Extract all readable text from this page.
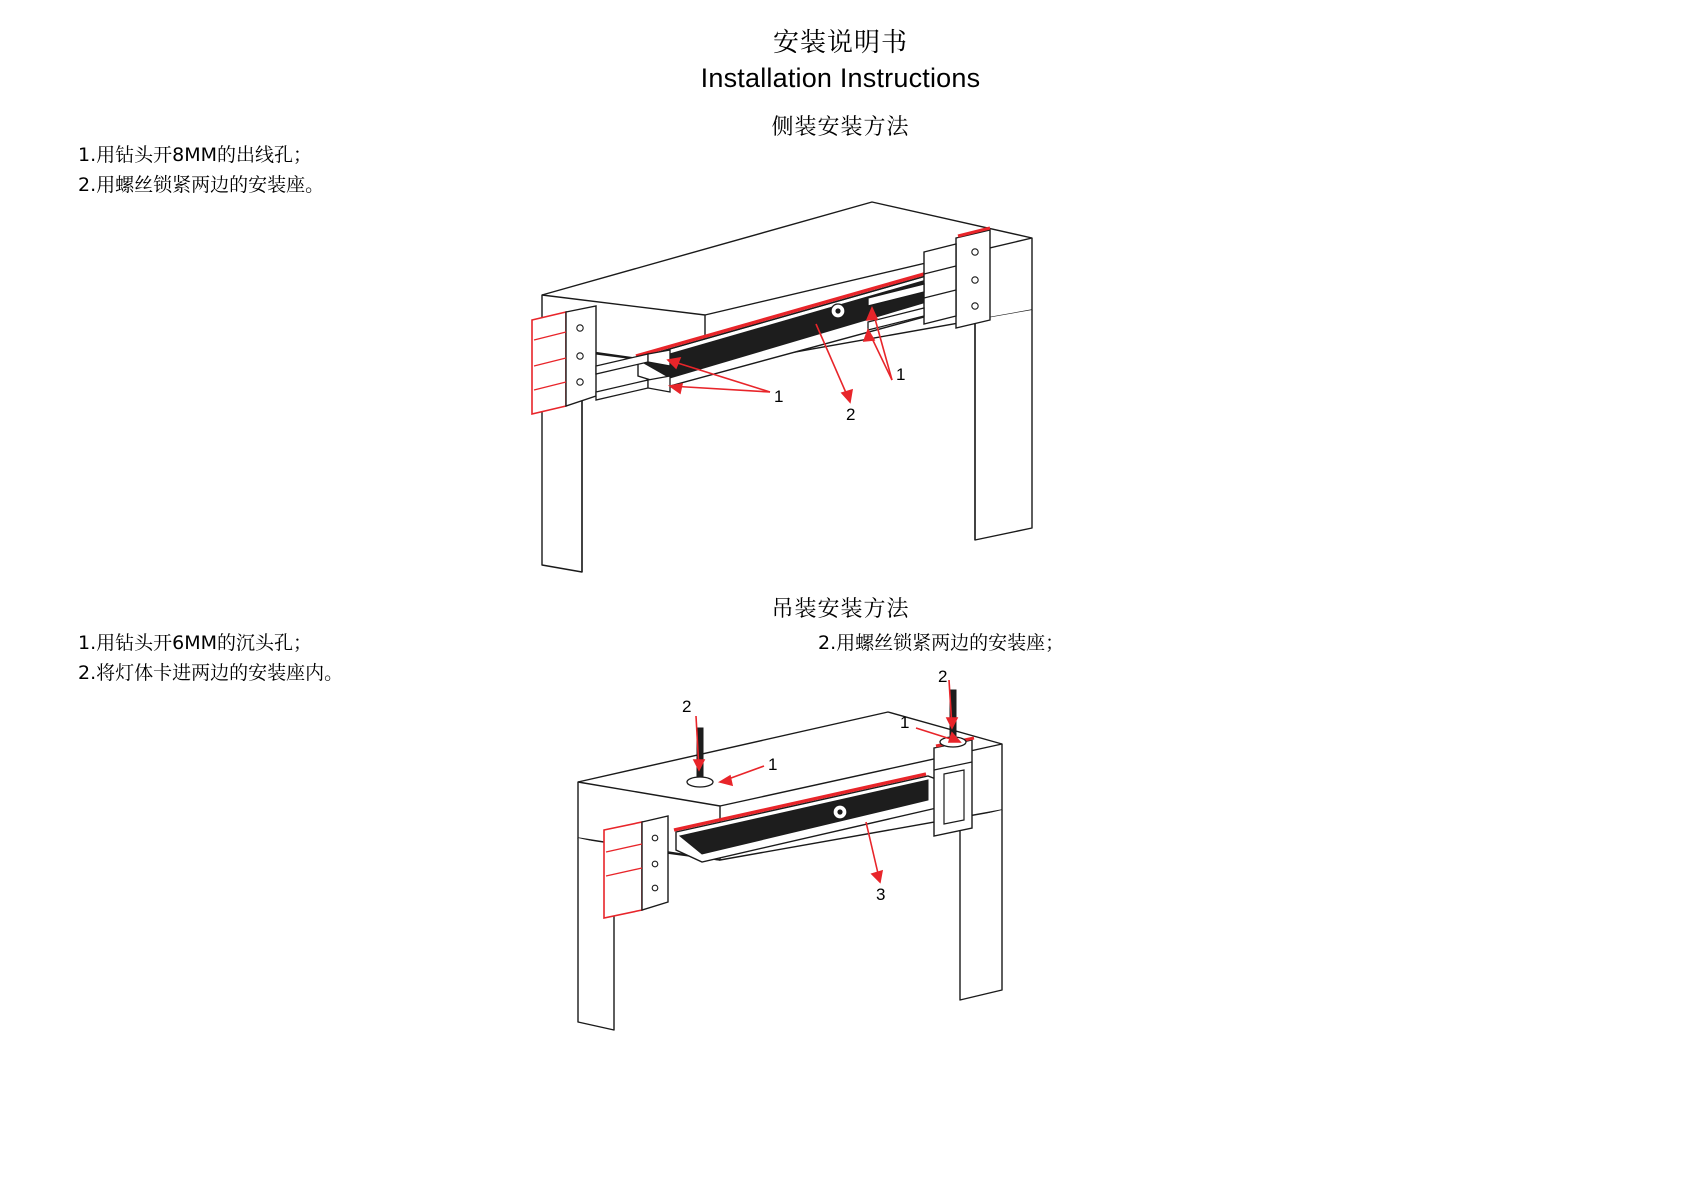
安装说明书
Installation Instructions
侧装安装方法
1.用钻头开8MM的出线孔；
2.用螺丝锁紧两边的安装座。
1
1
2
吊装安装方法
1.用钻头开6MM的沉头孔；
2.将灯体卡进两边的安装座内。
2.用螺丝锁紧两边的安装座；
2
2
1
1
3
